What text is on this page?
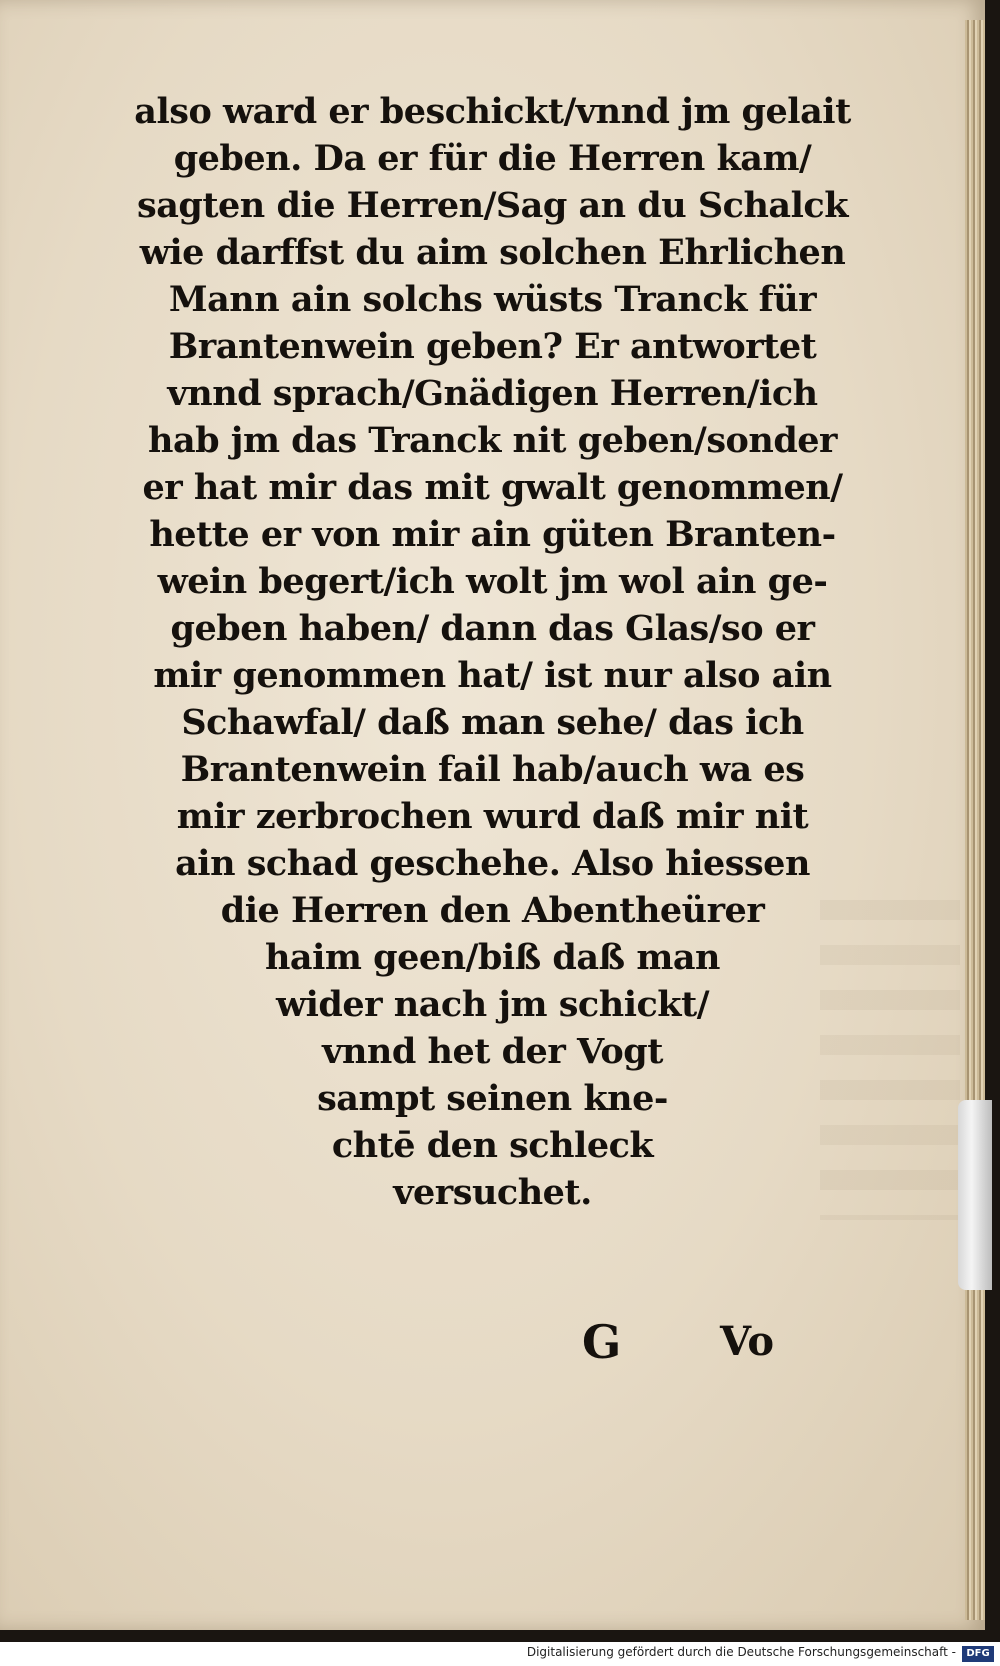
also ward er beschickt/vnnd jm gelait
geben. Da er für die Herren kam/
sagten die Herren/Sag an du Schalck
wie darffst du aim solchen Ehrlichen
Mann ain solchs wüsts Tranck für
Brantenwein geben? Er antwortet
vnnd sprach/Gnädigen Herren/ich
hab jm das Tranck nit geben/sonder
er hat mir das mit gwalt genommen/
hette er von mir ain güten Branten-
wein begert/ich wolt jm wol ain ge-
geben haben/ dann das Glas/so er
mir genommen hat/ ist nur also ain
Schawfal/ daß man sehe/ das ich
Brantenwein fail hab/auch wa es
mir zerbrochen wurd daß mir nit
ain schad geschehe. Also hiessen
die Herren den Abentheürer
haim geen/biß daß man
wider nach jm schickt/
vnnd het der Vogt
sampt seinen kne-
chtē den schleck
versuchet.
G Vo
Digitalisierung gefördert durch die Deutsche Forschungsgemeinschaft -	DFG
